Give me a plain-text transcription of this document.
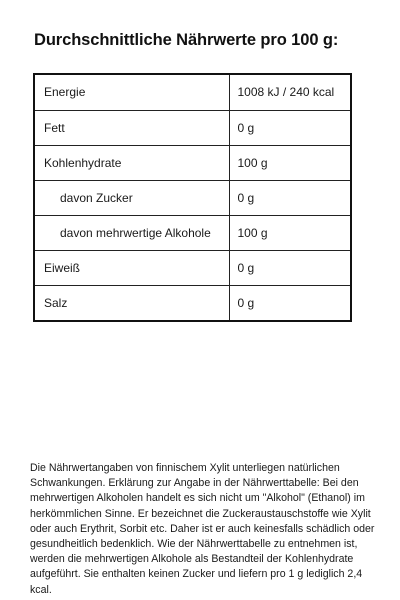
Durchschnittliche Nährwerte pro 100 g:
Energie	1008 kJ / 240 kcal
Fett	0 g
Kohlenhydrate	100 g
davon Zucker	0 g
davon mehrwertige Alkohole	100 g
Eiweiß	0 g
Salz	0 g

Die Nährwertangaben von finnischem Xylit unterliegen natürlichen Schwankungen. Erklärung zur Angabe in der Nährwerttabelle: Bei den mehrwertigen Alkoholen handelt es sich nicht um "Alkohol" (Ethanol) im herkömmlichen Sinne. Er bezeichnet die Zuckeraustauschstoffe wie Xylit oder auch Erythrit, Sorbit etc. Daher ist er auch keinesfalls schädlich oder gesundheitlich bedenklich. Wie der Nährwerttabelle zu entnehmen ist, werden die mehrwertigen Alkohole als Bestandteil der Kohlenhydrate aufgeführt. Sie enthalten keinen Zucker und liefern pro 1 g lediglich 2,4 kcal.
